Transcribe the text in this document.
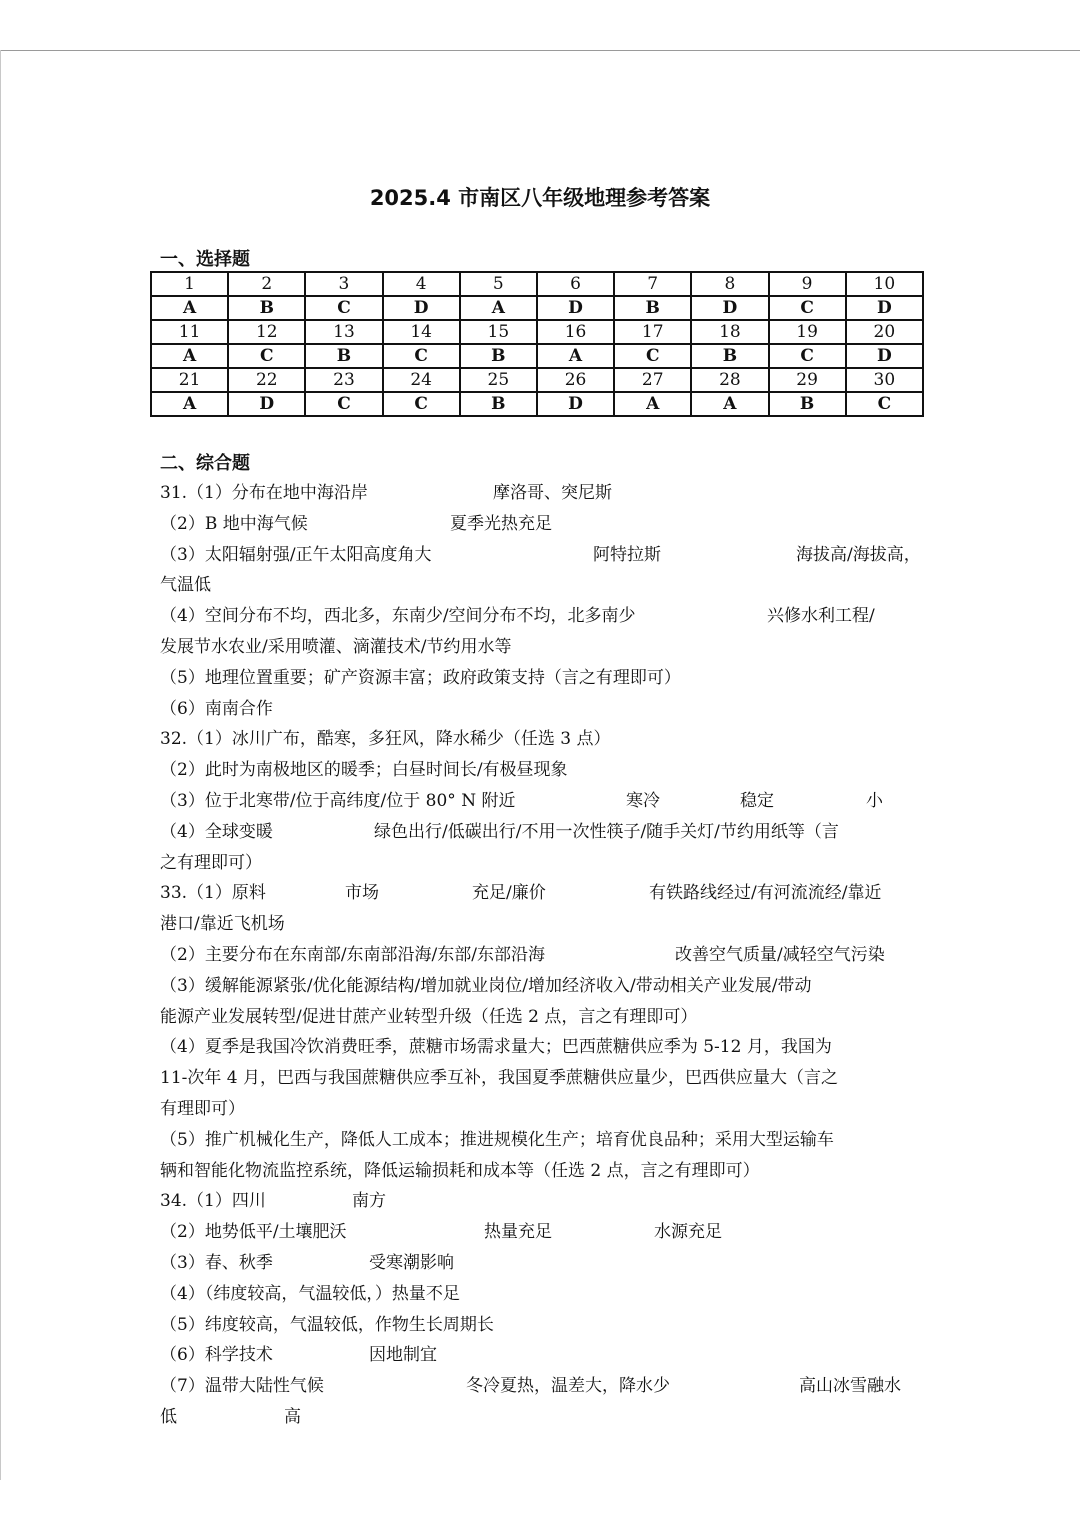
2025.4 市南区八年级地理参考答案
一、选择题
1	2	3	4	5	6	7	8	9	10
A	B	C	D	A	D	B	D	C	D
11	12	13	14	15	16	17	18	19	20
A	C	B	C	B	A	C	B	C	D
21	22	23	24	25	26	27	28	29	30
A	D	C	C	B	D	A	A	B	C
二、综合题
31.（1）分布在地中海沿岸	摩洛哥、突尼斯
（2）B 地中海气候	夏季光热充足
（3）太阳辐射强/正午太阳高度角大	阿特拉斯	海拔高/海拔高，
气温低
（4）空间分布不均，西北多，东南少/空间分布不均，北多南少	兴修水利工程/
发展节水农业/采用喷灌、滴灌技术/节约用水等
（5）地理位置重要；矿产资源丰富；政府政策支持（言之有理即可）
（6）南南合作
32.（1）冰川广布，酷寒，多狂风，降水稀少（任选 3 点）
（2）此时为南极地区的暖季；白昼时间长/有极昼现象
（3）位于北寒带/位于高纬度/位于 80° N 附近	寒冷	稳定	小
（4）全球变暖	绿色出行/低碳出行/不用一次性筷子/随手关灯/节约用纸等（言
之有理即可）
33.（1）原料	市场	充足/廉价	有铁路线经过/有河流流经/靠近
港口/靠近飞机场
（2）主要分布在东南部/东南部沿海/东部/东部沿海	改善空气质量/减轻空气污染
（3）缓解能源紧张/优化能源结构/增加就业岗位/增加经济收入/带动相关产业发展/带动
能源产业发展转型/促进甘蔗产业转型升级（任选 2 点，言之有理即可）
（4）夏季是我国冷饮消费旺季，蔗糖市场需求量大；巴西蔗糖供应季为 5-12 月，我国为
11-次年 4 月，巴西与我国蔗糖供应季互补，我国夏季蔗糖供应量少，巴西供应量大（言之
有理即可）
（5）推广机械化生产，降低人工成本；推进规模化生产；培育优良品种；采用大型运输车
辆和智能化物流监控系统，降低运输损耗和成本等（任选 2 点，言之有理即可）
34.（1）四川	南方
（2）地势低平/土壤肥沃	热量充足	水源充足
（3）春、秋季	受寒潮影响
（4）（纬度较高，气温较低，）热量不足
（5）纬度较高，气温较低，作物生长周期长
（6）科学技术	因地制宜
（7）温带大陆性气候	冬冷夏热，温差大，降水少	高山冰雪融水
低	高
